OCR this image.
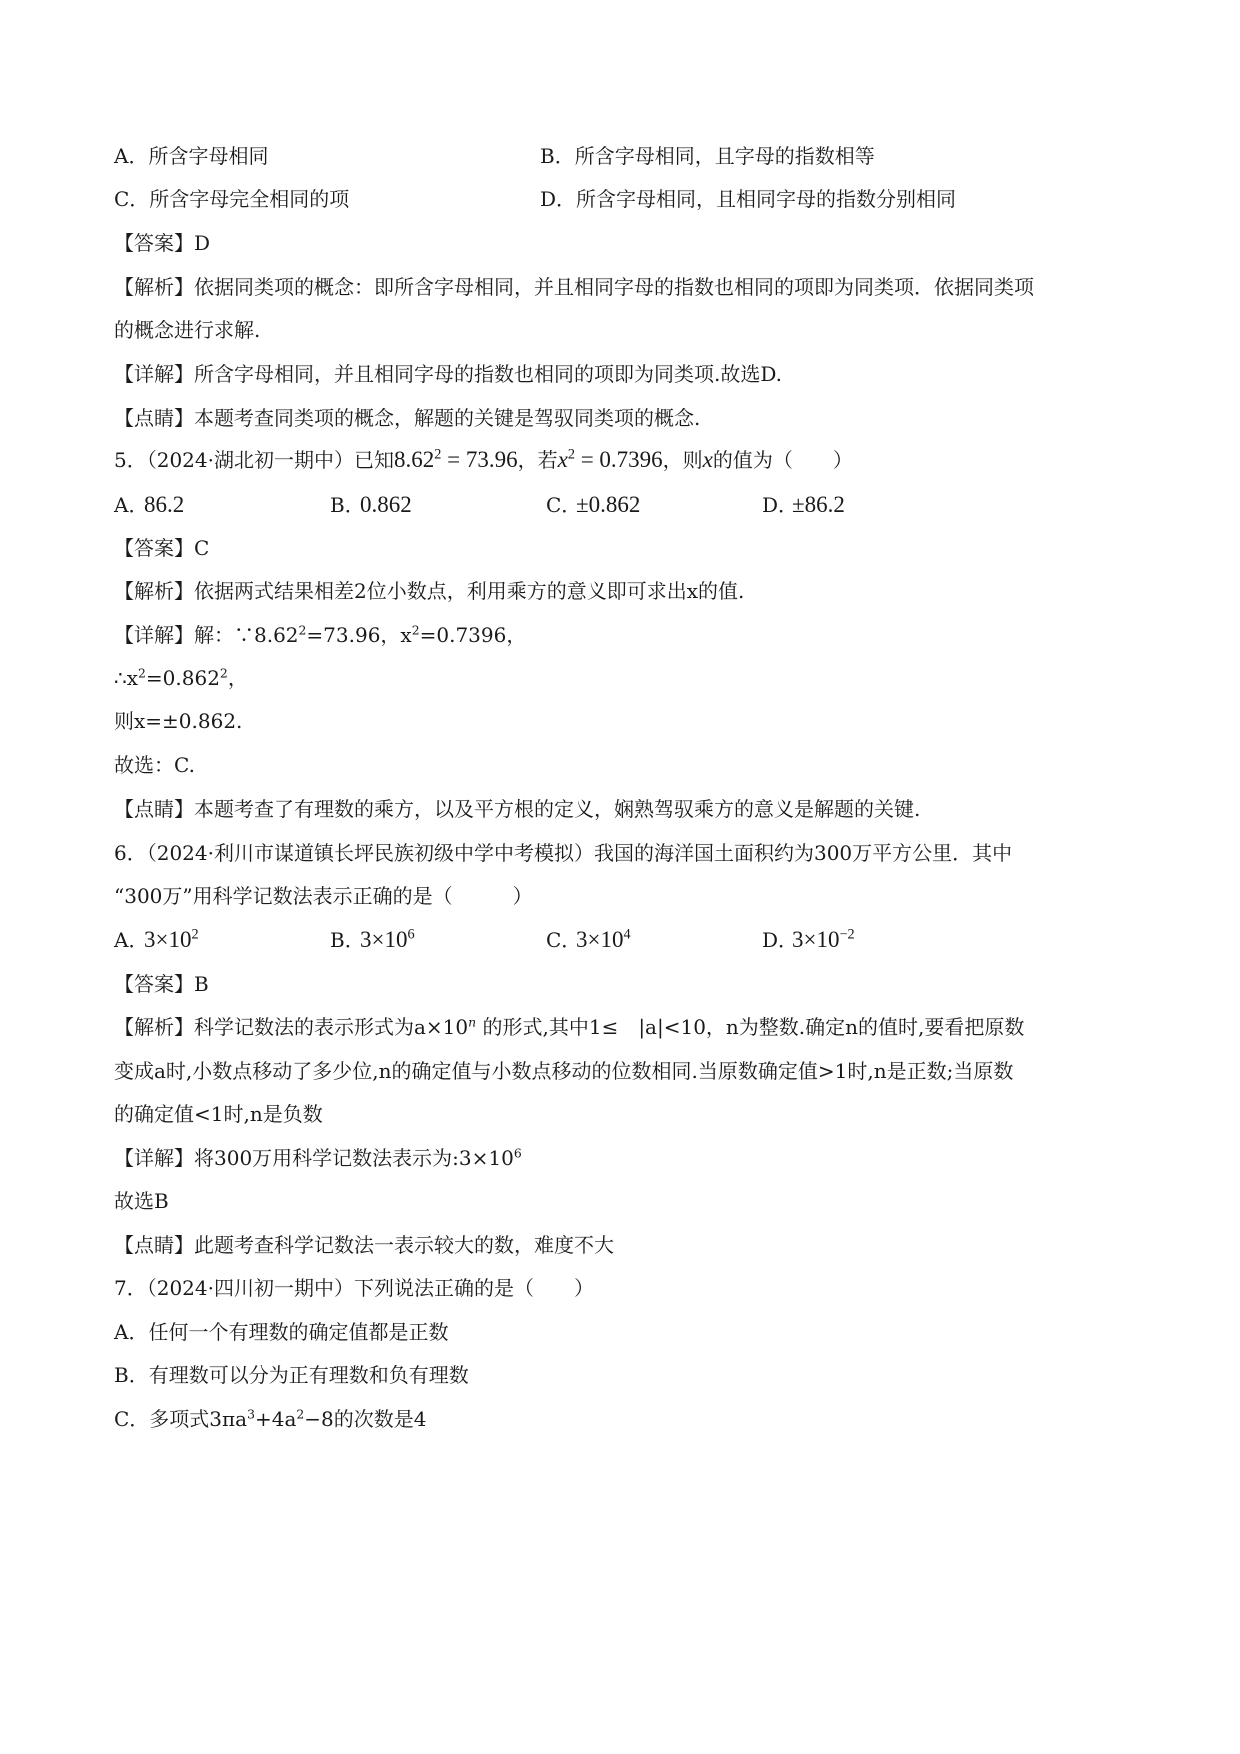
A．所含字母相同	B．所含字母相同，且字母的指数相等
C．所含字母完全相同的项	D．所含字母相同，且相同字母的指数分别相同
【答案】D
【解析】依据同类项的概念：即所含字母相同，并且相同字母的指数也相同的项即为同类项．依据同类项
的概念进行求解.
【详解】所含字母相同，并且相同字母的指数也相同的项即为同类项.故选D.
【点睛】本题考查同类项的概念，解题的关键是驾驭同类项的概念.
5．（2024·湖北初一期中）已知$8.62^2 = 73.96$，若$x^2 = 0.7396$，则x的值为（　　）
A．86.2	B．0.862	C．±0.862	D．±86.2
【答案】C
【解析】依据两式结果相差2位小数点，利用乘方的意义即可求出x的值.
【详解】解：$\because 8.62^2=73.96$，$x^2=0.7396$，
$\therefore x^2=0.862^2$，
则x=±0.862.
故选：C.
【点睛】本题考查了有理数的乘方，以及平方根的定义，娴熟驾驭乘方的意义是解题的关键.
6．（2024·利川市谋道镇长坪民族初级中学中考模拟）我国的海洋国土面积约为300万平方公里．其中
“300万”用科学记数法表示正确的是（　　　）
A．$3\times 10^2$	B．$3\times 10^6$	C．$3\times 10^4$	D．$3\times 10^{-2}$
【答案】B
【解析】科学记数法的表示形式为$a\times 10^n$ 的形式,其中1≤　|a|<10，n为整数.确定n的值时,要看把原数
变成a时,小数点移动了多少位,n的确定值与小数点移动的位数相同.当原数确定值>1时,n是正数;当原数
的确定值<1时,n是负数
【详解】将300万用科学记数法表示为$:3\times 10^6$
故选B
【点睛】此题考查科学记数法一表示较大的数，难度不大
7．（2024·四川初一期中）下列说法正确的是（　　）
A．任何一个有理数的确定值都是正数
B．有理数可以分为正有理数和负有理数
C．多项式$3\pi a^3+4a^2-8$的次数是4
